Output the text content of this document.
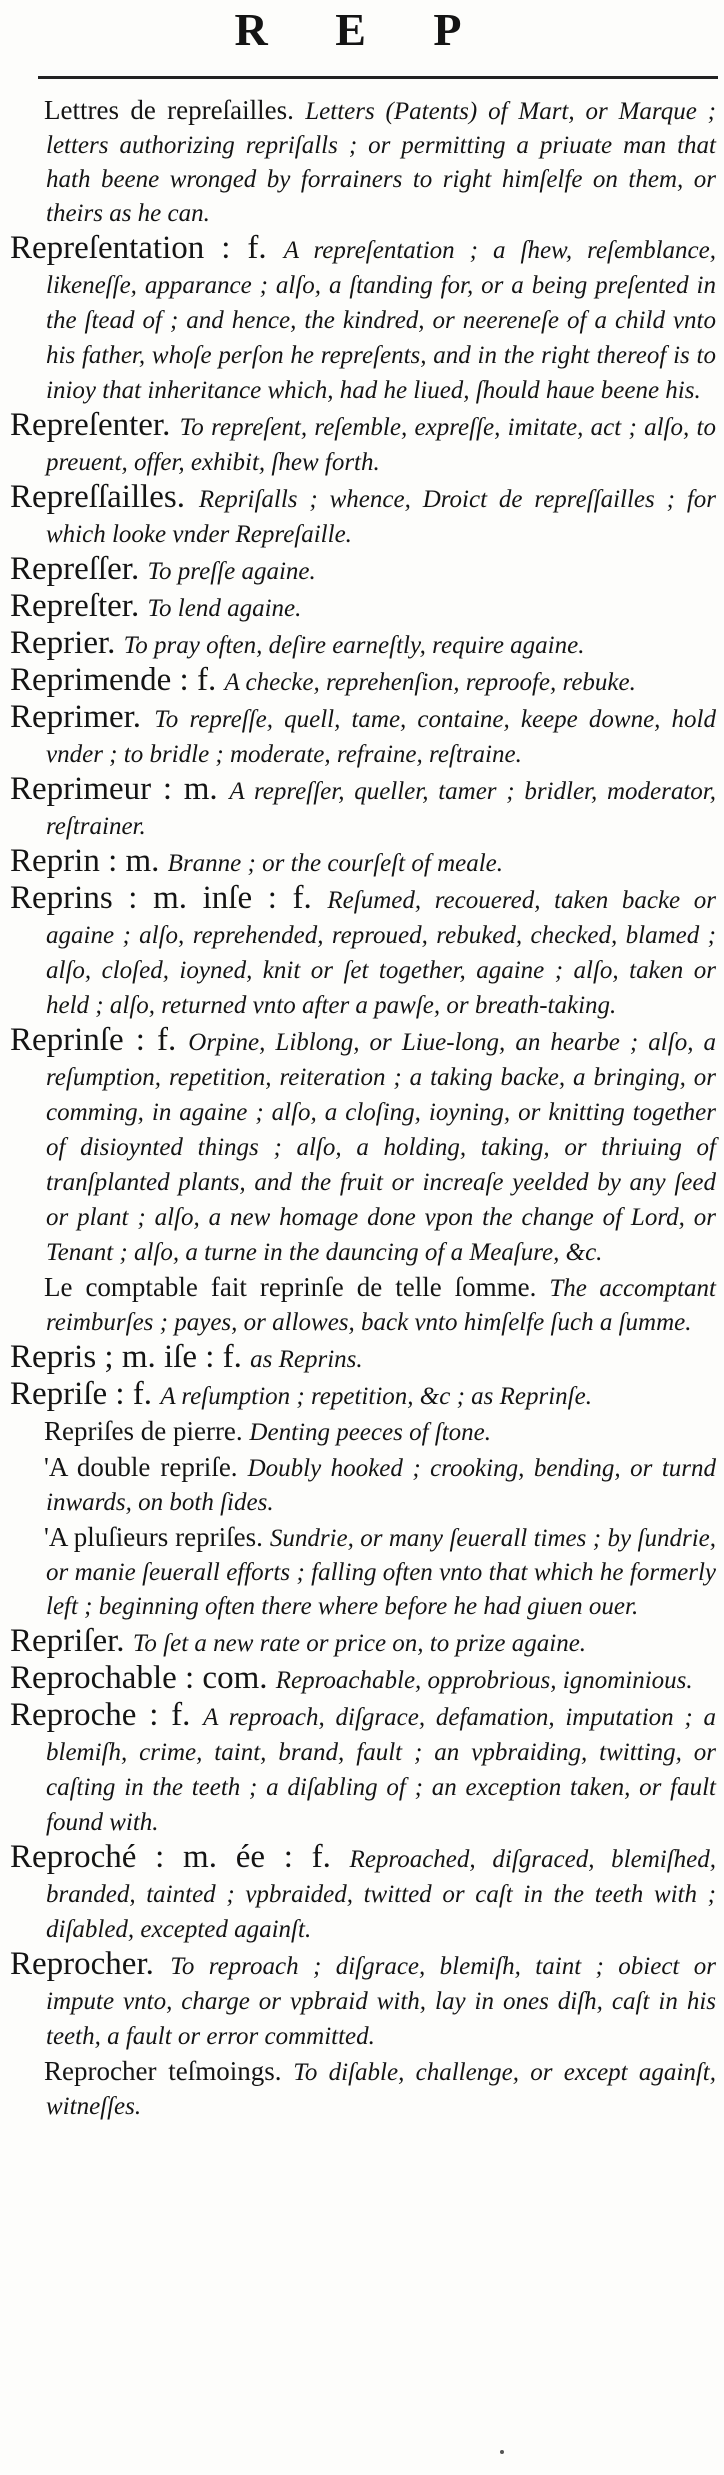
R E P

Lettres de repreſailles. Letters (Patents) of Mart, or Marque ; letters authorizing repriſalls ; or permitting a priuate man that hath beene wronged by forrainers to right himſelfe on them, or theirs as he can.

Repreſentation : f. A repreſentation ; a ſhew, reſemblance, likeneſſe, apparance ; alſo, a ſtanding for, or a being preſented in the ſtead of ; and hence, the kindred, or neereneſe of a child vnto his father, whoſe perſon he repreſents, and in the right thereof is to inioy that inheritance which, had he liued, ſhould haue beene his.

Repreſenter. To repreſent, reſemble, expreſſe, imitate, act ; alſo, to preuent, offer, exhibit, ſhew forth.

Repreſſailles. Repriſalls ; whence, Droict de repreſſailles ; for which looke vnder Repreſaille.

Repreſſer. To preſſe againe.

Repreſter. To lend againe.

Reprier. To pray often, deſire earneſtly, require againe.

Reprimende : f. A checke, reprehenſion, reproofe, rebuke.

Reprimer. To repreſſe, quell, tame, containe, keepe downe, hold vnder ; to bridle ; moderate, refraine, reſtraine.

Reprimeur : m. A repreſſer, queller, tamer ; bridler, moderator, reſtrainer.

Reprin : m. Branne ; or the courſeſt of meale.

Reprins : m. inſe : f. Reſumed, recouered, taken backe or againe ; alſo, reprehended, reproued, rebuked, checked, blamed ; alſo, cloſed, ioyned, knit or ſet together, againe ; alſo, taken or held ; alſo, returned vnto after a pawſe, or breath-taking.

Reprinſe : f. Orpine, Liblong, or Liue-long, an hearbe ; alſo, a reſumption, repetition, reiteration ; a taking backe, a bringing, or comming, in againe ; alſo, a cloſing, ioyning, or knitting together of disioynted things ; alſo, a holding, taking, or thriuing of tranſplanted plants, and the fruit or increaſe yeelded by any ſeed or plant ; alſo, a new homage done vpon the change of Lord, or Tenant ; alſo, a turne in the dauncing of a Meaſure, &c.

Le comptable fait reprinſe de telle ſomme. The accomptant reimburſes ; payes, or allowes, back vnto himſelfe ſuch a ſumme.

Repris ; m. iſe : f. as Reprins.

Repriſe : f. A reſumption ; repetition, &c ; as Reprinſe.

Repriſes de pierre. Denting peeces of ſtone.

'A double repriſe. Doubly hooked ; crooking, bending, or turnd inwards, on both ſides.

'A pluſieurs repriſes. Sundrie, or many ſeuerall times ; by ſundrie, or manie ſeuerall efforts ; falling often vnto that which he formerly left ; beginning often there where before he had giuen ouer.

Repriſer. To ſet a new rate or price on, to prize againe.

Reprochable : com. Reproachable, opprobrious, ignominious.

Reproche : f. A reproach, diſgrace, defamation, imputation ; a blemiſh, crime, taint, brand, fault ; an vpbraiding, twitting, or caſting in the teeth ; a diſabling of ; an exception taken, or fault found with.

Reproché : m. ée : f. Reproached, diſgraced, blemiſhed, branded, tainted ; vpbraided, twitted or caſt in the teeth with ; diſabled, excepted againſt.

Reprocher. To reproach ; diſgrace, blemiſh, taint ; obiect or impute vnto, charge or vpbraid with, lay in ones diſh, caſt in his teeth, a fault or error committed.

Reprocher teſmoings. To diſable, challenge, or except againſt, witneſſes.
